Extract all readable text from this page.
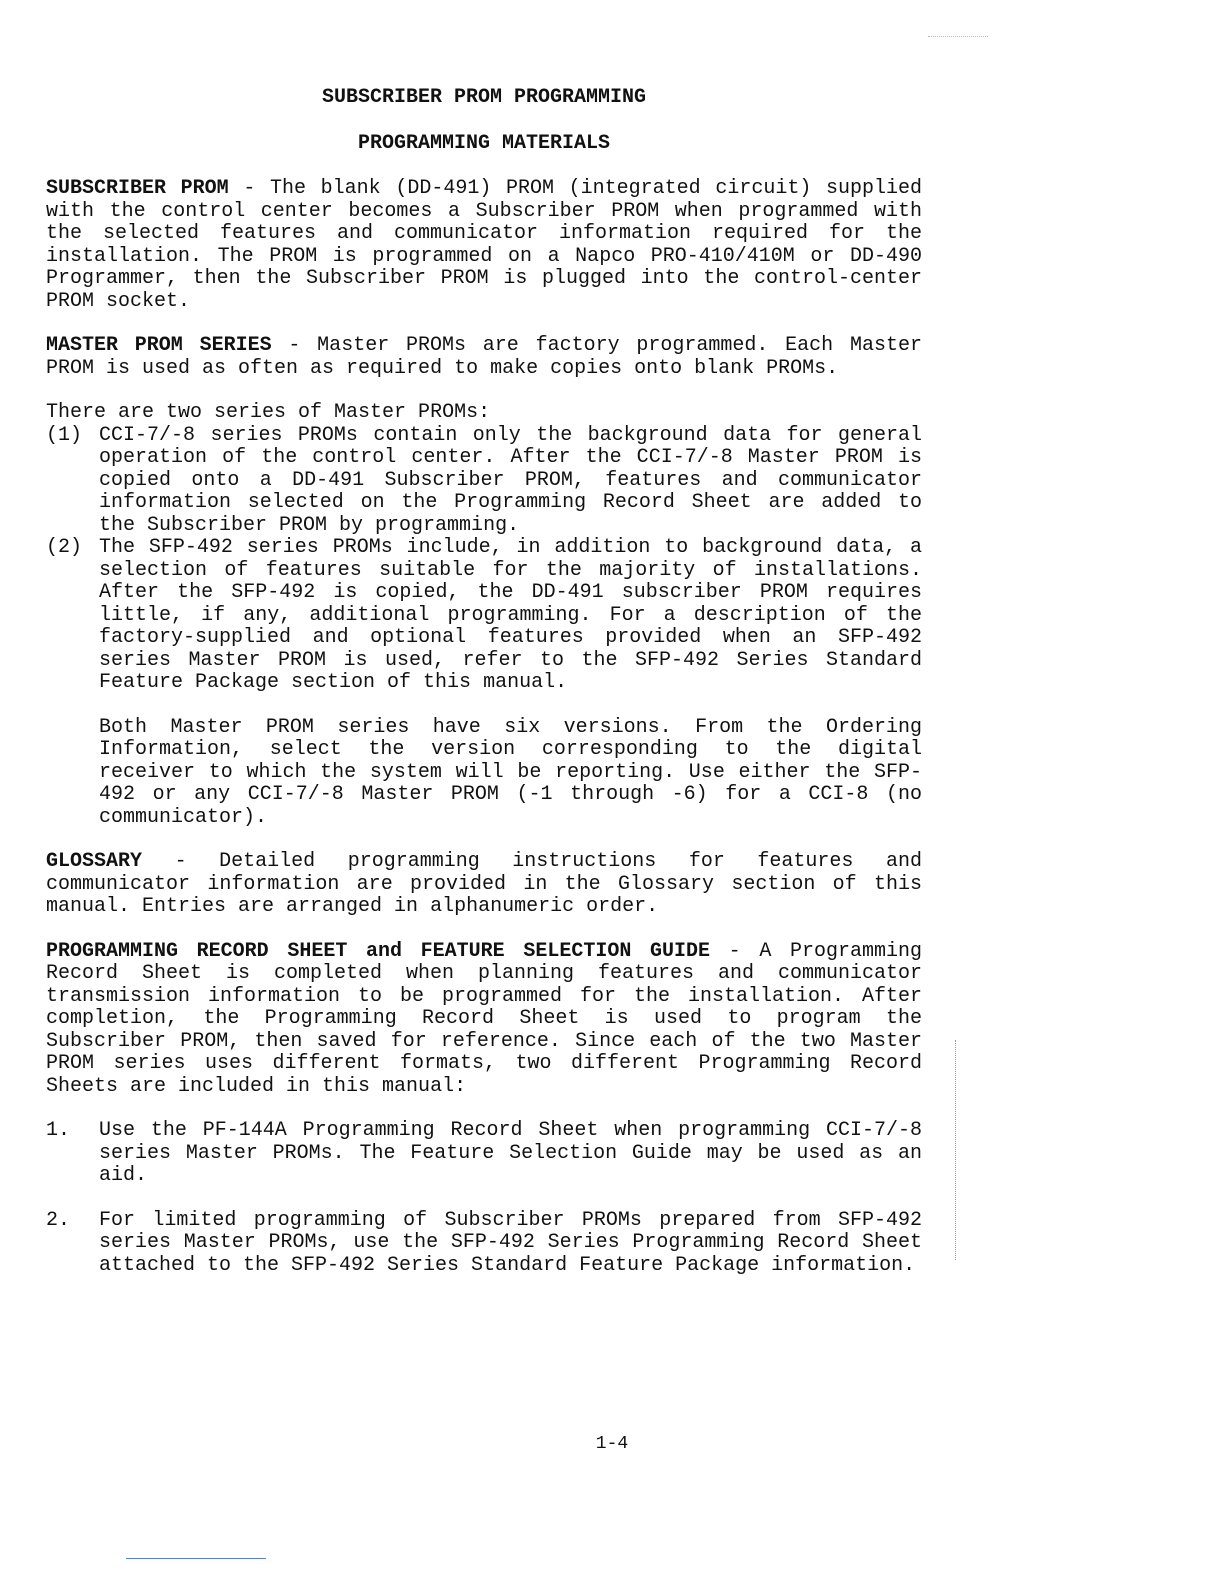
SUBSCRIBER PROM PROGRAMMING
PROGRAMMING MATERIALS

SUBSCRIBER PROM - The blank (DD-491) PROM (integrated circuit) supplied with the control center becomes a Subscriber PROM when programmed with the selected features and communicator information required for the installation. The PROM is programmed on a Napco PRO-410/410M or DD-490 Programmer, then the Subscriber PROM is plugged into the control-center PROM socket.

MASTER PROM SERIES - Master PROMs are factory programmed. Each Master PROM is used as often as required to make copies onto blank PROMs.

There are two series of Master PROMs:

(1) CCI-7/-8 series PROMs contain only the background data for general operation of the control center. After the CCI-7/-8 Master PROM is copied onto a DD-491 Subscriber PROM, features and communicator information selected on the Programming Record Sheet are added to the Subscriber PROM by programming.
(2) The SFP-492 series PROMs include, in addition to background data, a selection of features suitable for the majority of installations. After the SFP-492 is copied, the DD-491 subscriber PROM requires little, if any, additional programming. For a description of the factory-supplied and optional features provided when an SFP-492 series Master PROM is used, refer to the SFP-492 Series Standard Feature Package section of this manual.

Both Master PROM series have six versions. From the Ordering Information, select the version corresponding to the digital receiver to which the system will be reporting. Use either the SFP-492 or any CCI-7/-8 Master PROM (-1 through -6) for a CCI-8 (no communicator).

GLOSSARY - Detailed programming instructions for features and communicator information are provided in the Glossary section of this manual. Entries are arranged in alphanumeric order.

PROGRAMMING RECORD SHEET and FEATURE SELECTION GUIDE - A Programming Record Sheet is completed when planning features and communicator transmission information to be programmed for the installation. After completion, the Programming Record Sheet is used to program the Subscriber PROM, then saved for reference. Since each of the two Master PROM series uses different formats, two different Programming Record Sheets are included in this manual:

1. Use the PF-144A Programming Record Sheet when programming CCI-7/-8 series Master PROMs. The Feature Selection Guide may be used as an aid.
2. For limited programming of Subscriber PROMs prepared from SFP-492 series Master PROMs, use the SFP-492 Series Programming Record Sheet attached to the SFP-492 Series Standard Feature Package information.
1-4
